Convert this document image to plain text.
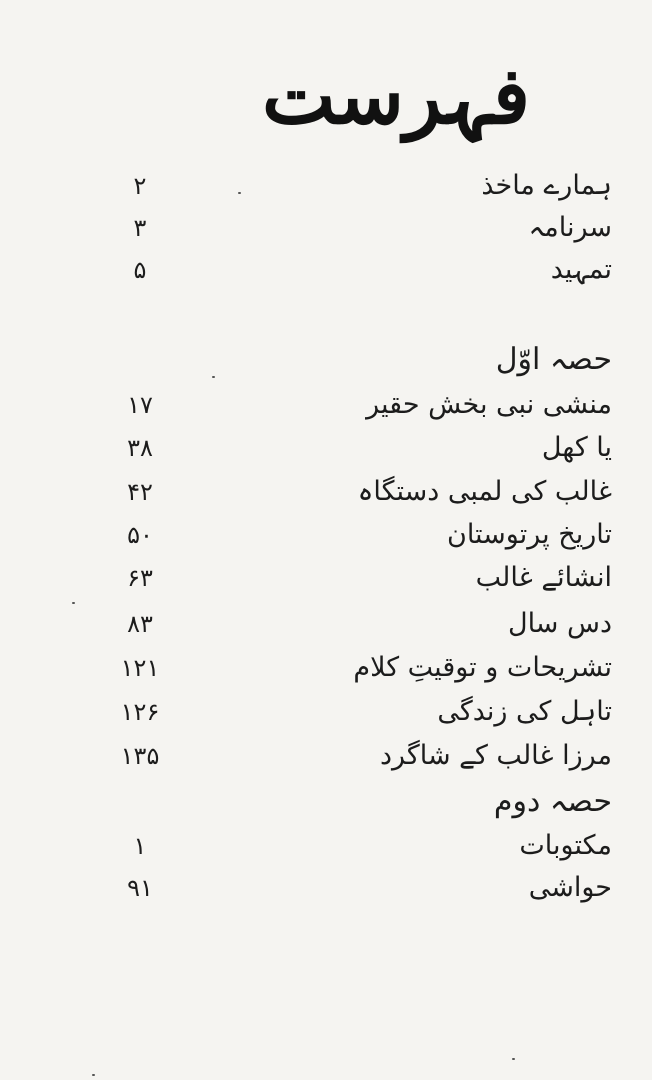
فہرست
ہمارے ماخذ
۲
سرنامہ
۳
تمہید
۵
حصہ اوّل
منشی نبی بخش حقیر
۱۷
یا کھل
۳۸
غالب کی لمبی دستگاہ
۴۲
تاریخ پرتوستان
۵۰
انشائے غالب
۶۳
دس سال
۸۳
تشریحات و توقیتِ کلام
۱۲۱
تاہل کی زندگی
۱۲۶
مرزا غالب کے شاگرد
۱۳۵
حصہ دوم
مکتوبات
۱
حواشی
۹۱
